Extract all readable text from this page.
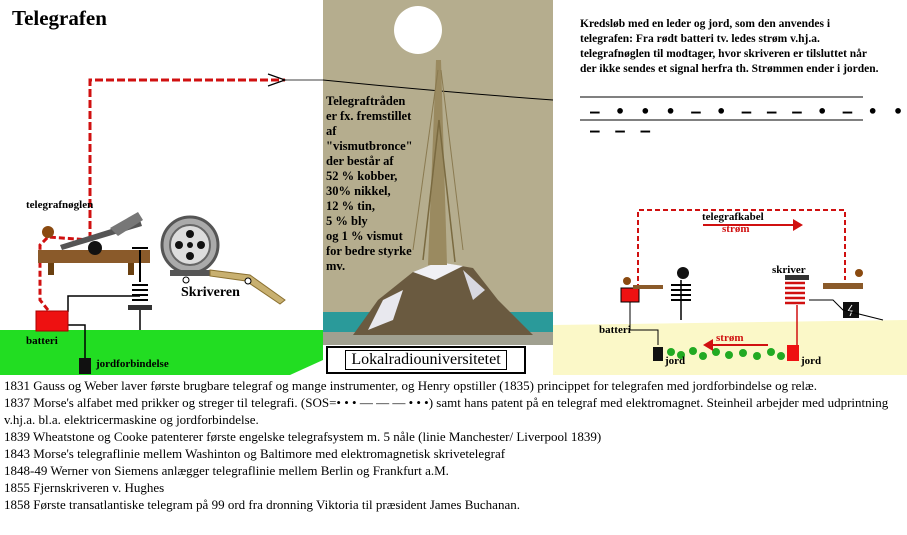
Telegrafen
telegrafnøglen
batteri
jordforbindelse
Skriveren
Telegraftråden
er fx. fremstillet
af
"vismutbronce"
der består af
52 % kobber,
30% nikkel,
12 % tin,
5 % bly
og 1 % vismut
for bedre styrke
mv.
Lokalradiouniversitetet
Kredsløb med en leder og jord, som den anvendes i telegrafen: Fra rødt batteri tv. ledes strøm v.hj.a. telegrafnøglen til modtager, hvor skriveren er tilsluttet når der ikke sendes et signal herfra th. Strømmen ender i jorden.
— • • • — • — — — • — • • — — —
telegrafkabel
strøm
skriver
batteri
strøm
jord	jord
1831 Gauss og Weber laver første brugbare telegraf og mange instrumenter, og Henry opstiller (1835) princippet for telegrafen med jordforbindelse og relæ.
1837 Morse's alfabet med prikker og streger til telegrafi. (SOS=• • • — — — • • •) samt hans patent på en telegraf med elektromagnet. Steinheil arbejder med udprintning v.hj.a. bl.a. elektricermaskine og jordforbindelse.
1839 Wheatstone og Cooke patenterer første engelske telegrafsystem m. 5 nåle (linie Manchester/ Liverpool 1839)
1843 Morse's telegraflinie mellem Washinton og Baltimore med elektromagnetisk skrivetelegraf
1848-49 Werner von Siemens anlægger telegraflinie mellem Berlin og Frankfurt a.M.
1855 Fjernskriveren v. Hughes
1858 Første transatlantiske telegram på 99 ord fra dronning Viktoria til præsident James Buchanan.
